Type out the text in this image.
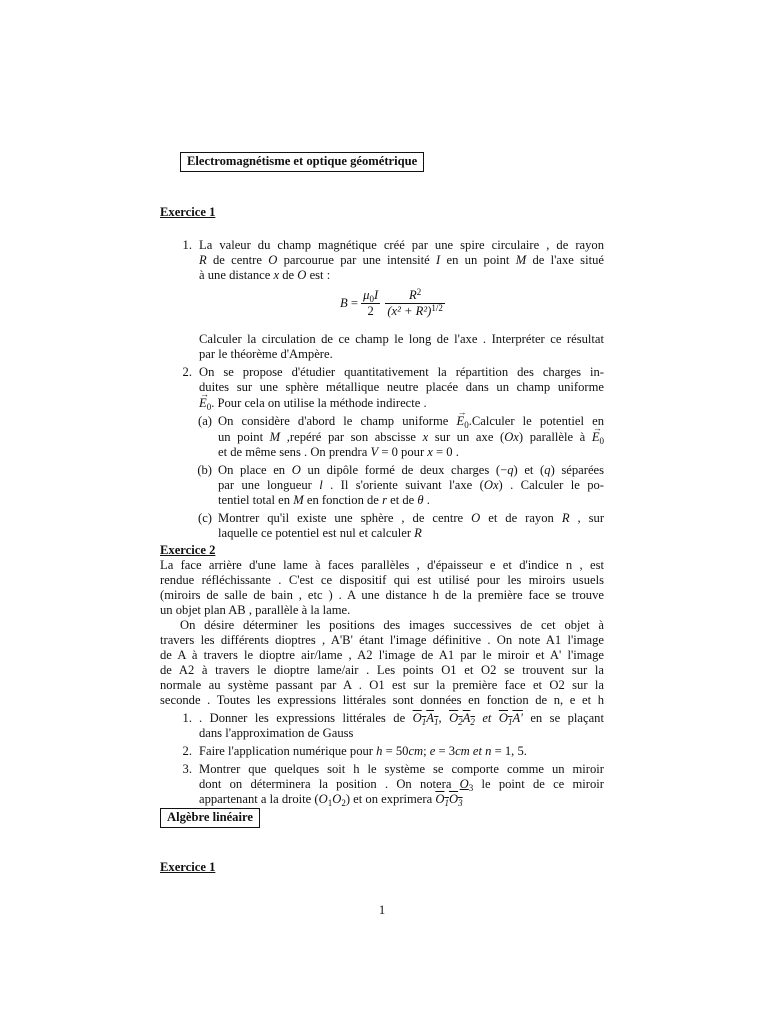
Electromagnétisme et optique géométrique
Exercice 1
1. La valeur du champ magnétique créé par une spire circulaire , de rayon
R de centre O parcourue par une intensité I en un point M de l'axe situé
à une distance x de O est :
$B = \frac{\mu_0I}{2}$
$\frac{R^2}{(x^2 + R^2)^{1/2}}$
Calculer la circulation de ce champ le long de l'axe . Interpréter ce résultat
par le théorème d'Ampère.
2. On se propose d'étudier quantitativement la répartition des charges in-
duites sur une sphère métallique neutre placée dans un champ uniforme
→ $E_0$. Pour cela on utilise la méthode indirecte .
(a) On considère d'abord le champ uniforme → $E_0.Calculer$ le potentiel en
un point M ,repéré par son abscisse x sur un axe (Ox) parallèle à → $E_0$
et de même sens . On prendra V = 0 pour x = 0 .
(b) On place en O un dipôle formé de deux charges (−q) et (q) séparées
par une longueur l . Il s'oriente suivant l'axe (Ox) . Calculer le po-
tentiel total en M en fonction de r et de θ .
(c) Montrer qu'il existe une sphère , de centre O et de rayon R , sur
laquelle ce potentiel est nul et calculer R
Exercice 2
La face arrière d'une lame à faces parallèles , d'épaisseur e et d'indice n , est
rendue réfléchissante . C'est ce dispositif qui est utilisé pour les miroirs usuels
(miroirs de salle de bain , etc ) . A une distance h de la première face se trouve
un objet plan AB , parallèle à la lame.
On désire déterminer les positions des images successives de cet objet à
travers les différents dioptres , A'B' étant l'image définitive . On note A1 l'image
de A à travers le dioptre air/lame , A2 l'image de A1 par le miroir et A' l'image
de A2 à travers le dioptre lame/air . Les points O1 et O2 se trouvent sur la
normale au système passant par A . O1 est sur la première face et O2 sur la
seconde . Toutes les expressions littérales sont données en fonction de n, e et h
1. . Donner les expressions littérales de $O_1A_1$, $O_2A_2$ et $O_1A'$ en se plaçant
dans l'approximation de Gauss
2. Faire l'application numérique pour h = 50cm; e = 3cm et n = 1, 5.
3. Montrer que quelques soit h le système se comporte comme un miroir
dont on déterminera la position . On notera $O_3$ le point de ce miroir
appartenant a la droite $(O_1O_2)$ et on exprimera $O_1O_3$
Algèbre linéaire
Exercice 1
1
